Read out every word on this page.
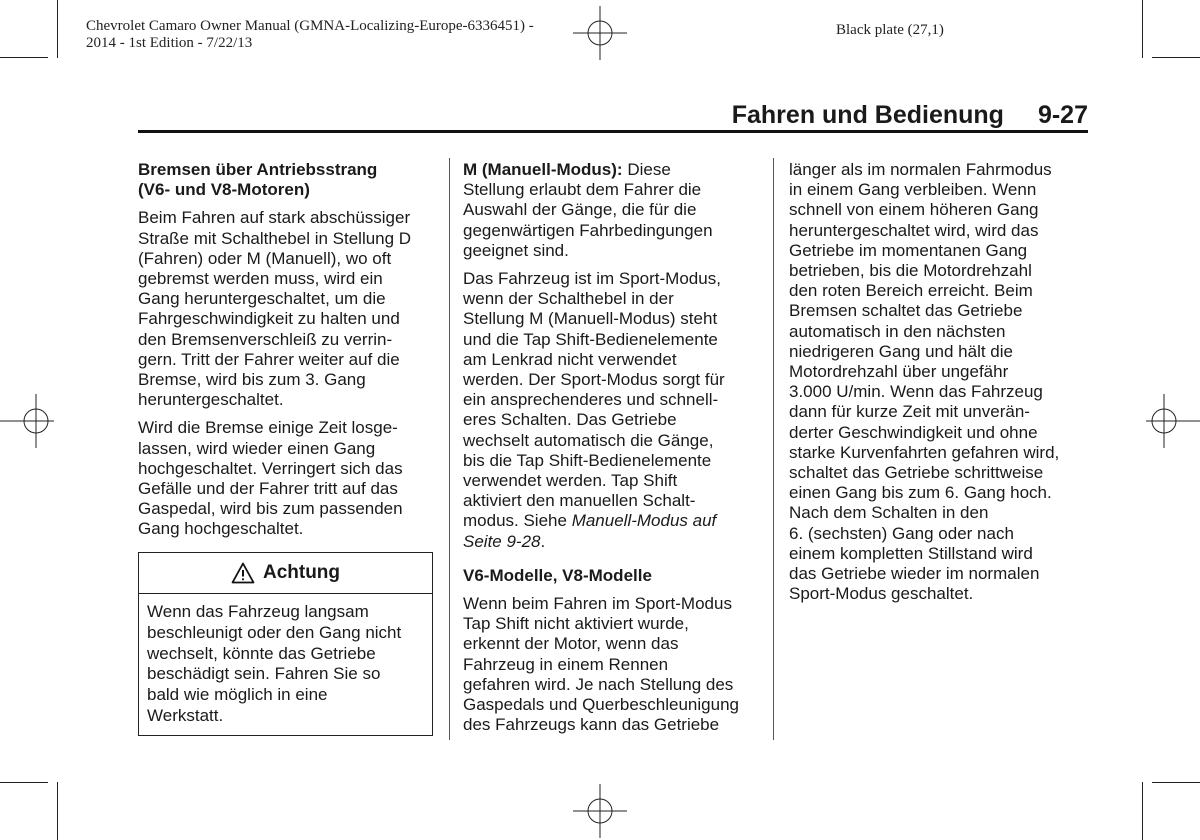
Chevrolet Camaro Owner Manual (GMNA-Localizing-Europe-6336451) -
2014 - 1st Edition - 7/22/13
Black plate (27,1)
Fahren und Bedienung 9-27

Bremsen über Antriebsstrang
(V6- und V8-Motoren)

Beim Fahren auf stark abschüssiger
Straße mit Schalthebel in Stellung D
(Fahren) oder M (Manuell), wo oft
gebremst werden muss, wird ein
Gang heruntergeschaltet, um die
Fahrgeschwindigkeit zu halten und
den Bremsenverschleiß zu verrin-
gern. Tritt der Fahrer weiter auf die
Bremse, wird bis zum 3. Gang
heruntergeschaltet.

Wird die Bremse einige Zeit losge-
lassen, wird wieder einen Gang
hochgeschaltet. Verringert sich das
Gefälle und der Fahrer tritt auf das
Gaspedal, wird bis zum passenden
Gang hochgeschaltet.

Achtung
Wenn das Fahrzeug langsam
beschleunigt oder den Gang nicht
wechselt, könnte das Getriebe
beschädigt sein. Fahren Sie so
bald wie möglich in eine
Werkstatt.

M (Manuell-Modus): Diese
Stellung erlaubt dem Fahrer die
Auswahl der Gänge, die für die
gegenwärtigen Fahrbedingungen
geeignet sind.

Das Fahrzeug ist im Sport-Modus,
wenn der Schalthebel in der
Stellung M (Manuell-Modus) steht
und die Tap Shift-Bedienelemente
am Lenkrad nicht verwendet
werden. Der Sport-Modus sorgt für
ein ansprechenderes und schnell-
eres Schalten. Das Getriebe
wechselt automatisch die Gänge,
bis die Tap Shift-Bedienelemente
verwendet werden. Tap Shift
aktiviert den manuellen Schalt-
modus. Siehe Manuell-Modus auf
Seite 9-28.

V6-Modelle, V8-Modelle

Wenn beim Fahren im Sport-Modus
Tap Shift nicht aktiviert wurde,
erkennt der Motor, wenn das
Fahrzeug in einem Rennen
gefahren wird. Je nach Stellung des
Gaspedals und Querbeschleunigung
des Fahrzeugs kann das Getriebe

länger als im normalen Fahrmodus
in einem Gang verbleiben. Wenn
schnell von einem höheren Gang
heruntergeschaltet wird, wird das
Getriebe im momentanen Gang
betrieben, bis die Motordrehzahl
den roten Bereich erreicht. Beim
Bremsen schaltet das Getriebe
automatisch in den nächsten
niedrigeren Gang und hält die
Motordrehzahl über ungefähr
3.000 U/min. Wenn das Fahrzeug
dann für kurze Zeit mit unverän-
derter Geschwindigkeit und ohne
starke Kurvenfahrten gefahren wird,
schaltet das Getriebe schrittweise
einen Gang bis zum 6. Gang hoch.
Nach dem Schalten in den
6. (sechsten) Gang oder nach
einem kompletten Stillstand wird
das Getriebe wieder im normalen
Sport-Modus geschaltet.
